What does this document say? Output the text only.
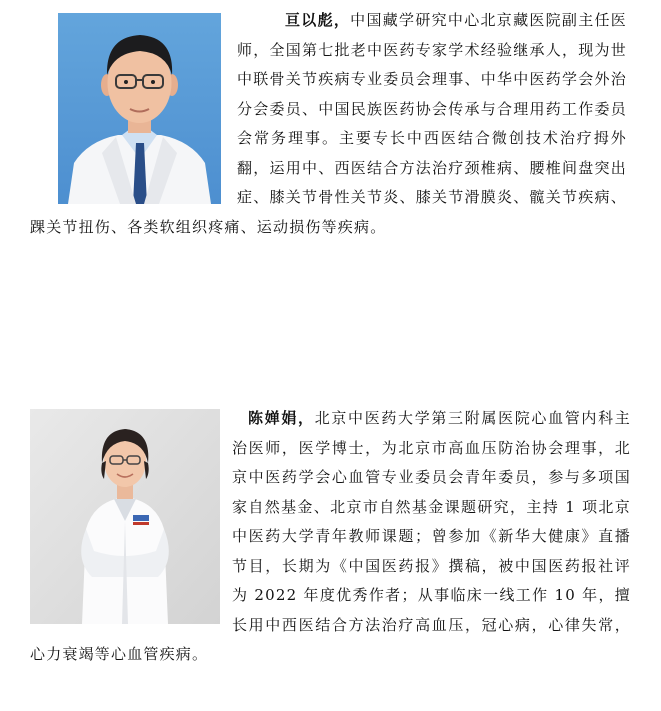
亘以彪，中国藏学研究中心北京藏医院副主任医师，全国第七批老中医药专家学术经验继承人，现为世中联骨关节疾病专业委员会理事、中华中医药学会外治分会委员、中国民族医药协会传承与合理用药工作委员会常务理事。主要专长中西医结合微创技术治疗拇外翻，运用中、西医结合方法治疗颈椎病、腰椎间盘突出症、膝关节骨性关节炎、膝关节滑膜炎、髋关节疾病、踝关节扭伤、各类软组织疼痛、运动损伤等疾病。

陈婵娟，北京中医药大学第三附属医院心血管内科主治医师，医学博士，为北京市高血压防治协会理事，北京中医药学会心血管专业委员会青年委员，参与多项国家自然基金、北京市自然基金课题研究，主持 1 项北京中医药大学青年教师课题；曾参加《新华大健康》直播节目，长期为《中国医药报》撰稿，被中国医药报社评为 2022 年度优秀作者；从事临床一线工作 10 年，擅长用中西医结合方法治疗高血压，冠心病，心律失常，心力衰竭等心血管疾病。
